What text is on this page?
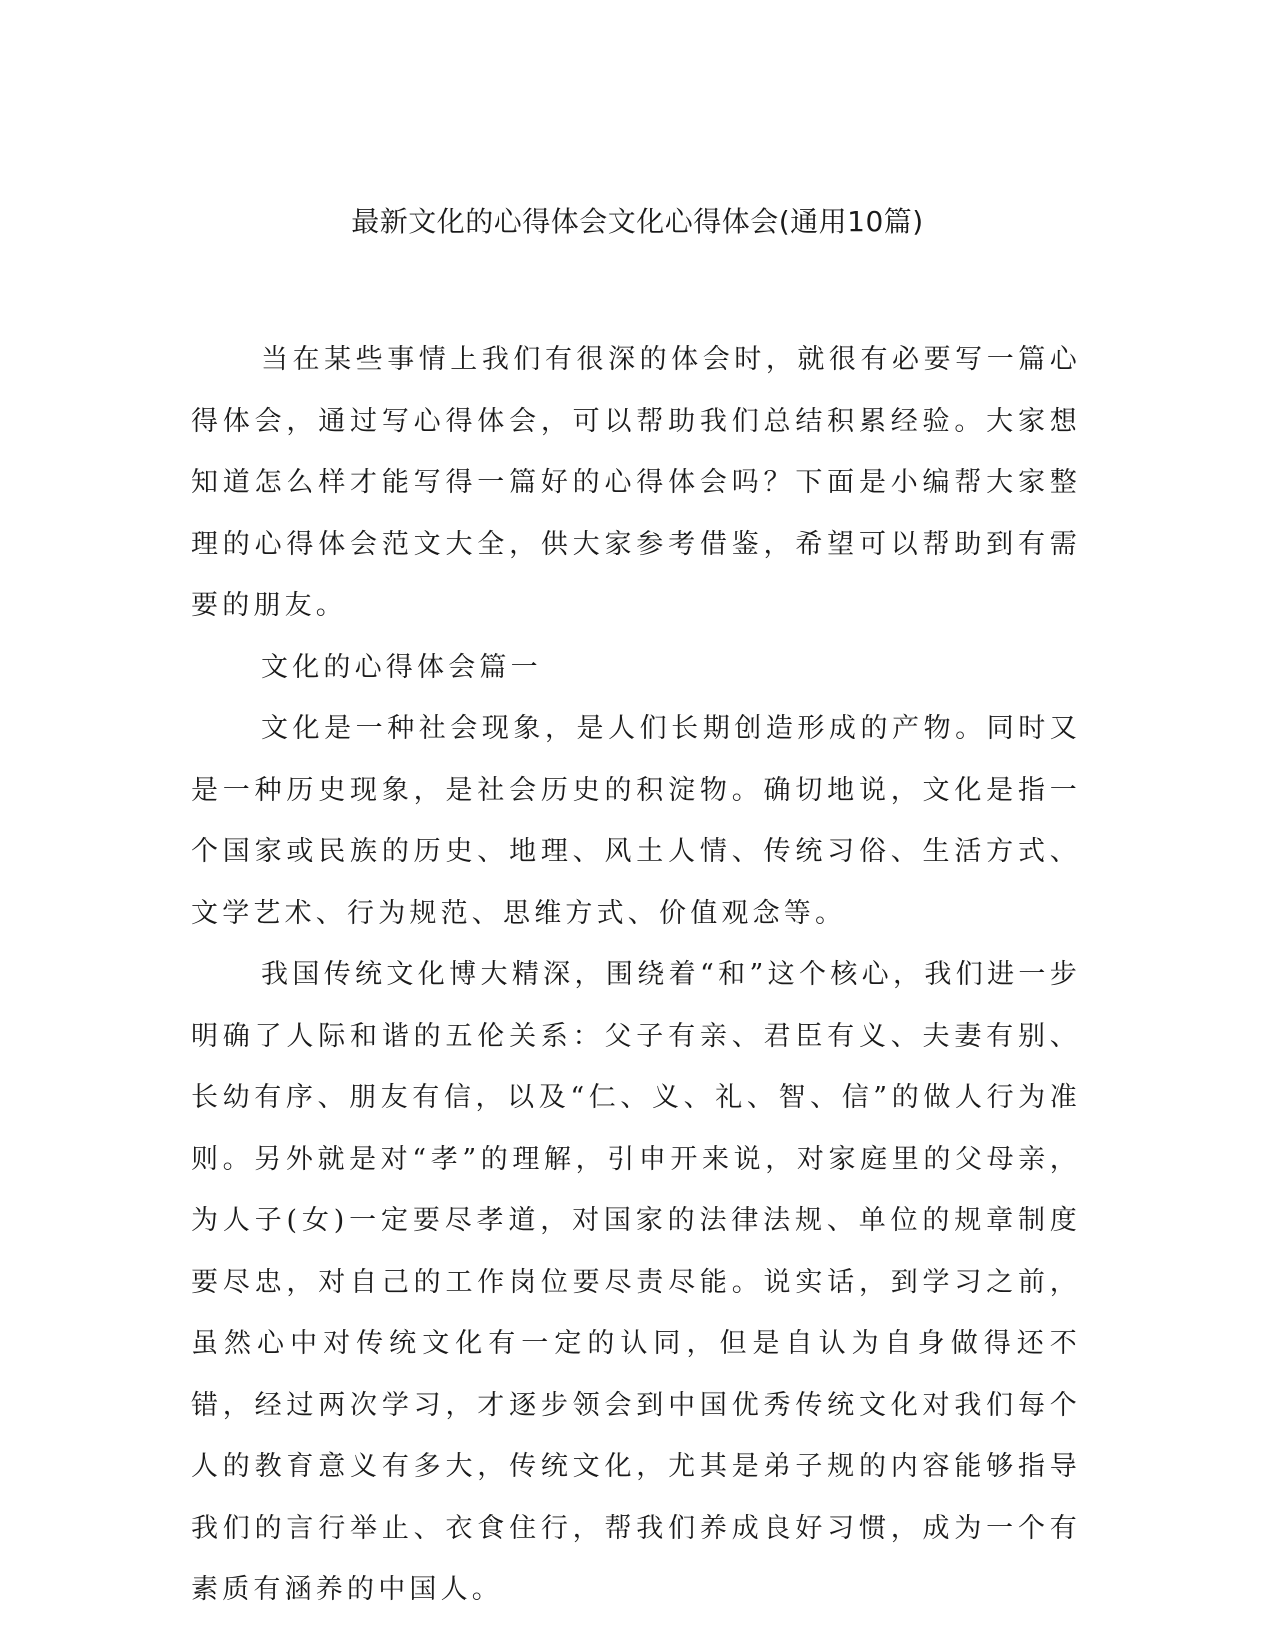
最新文化的心得体会文化心得体会(通用10篇)

当在某些事情上我们有很深的体会时，就很有必要写一篇心得体会，通过写心得体会，可以帮助我们总结积累经验。大家想知道怎么样才能写得一篇好的心得体会吗？下面是小编帮大家整理的心得体会范文大全，供大家参考借鉴，希望可以帮助到有需要的朋友。

文化的心得体会篇一

文化是一种社会现象，是人们长期创造形成的产物。同时又是一种历史现象，是社会历史的积淀物。确切地说，文化是指一个国家或民族的历史、地理、风土人情、传统习俗、生活方式、文学艺术、行为规范、思维方式、价值观念等。

我国传统文化博大精深，围绕着“和”这个核心，我们进一步明确了人际和谐的五伦关系：父子有亲、君臣有义、夫妻有别、长幼有序、朋友有信，以及“仁、义、礼、智、信”的做人行为准则。另外就是对“孝”的理解，引申开来说，对家庭里的父母亲，为人子(女)一定要尽孝道，对国家的法律法规、单位的规章制度要尽忠，对自己的工作岗位要尽责尽能。说实话，到学习之前，虽然心中对传统文化有一定的认同，但是自认为自身做得还不错，经过两次学习，才逐步领会到中国优秀传统文化对我们每个人的教育意义有多大，传统文化，尤其是弟子规的内容能够指导我们的言行举止、衣食住行，帮我们养成良好习惯，成为一个有素质有涵养的中国人。
